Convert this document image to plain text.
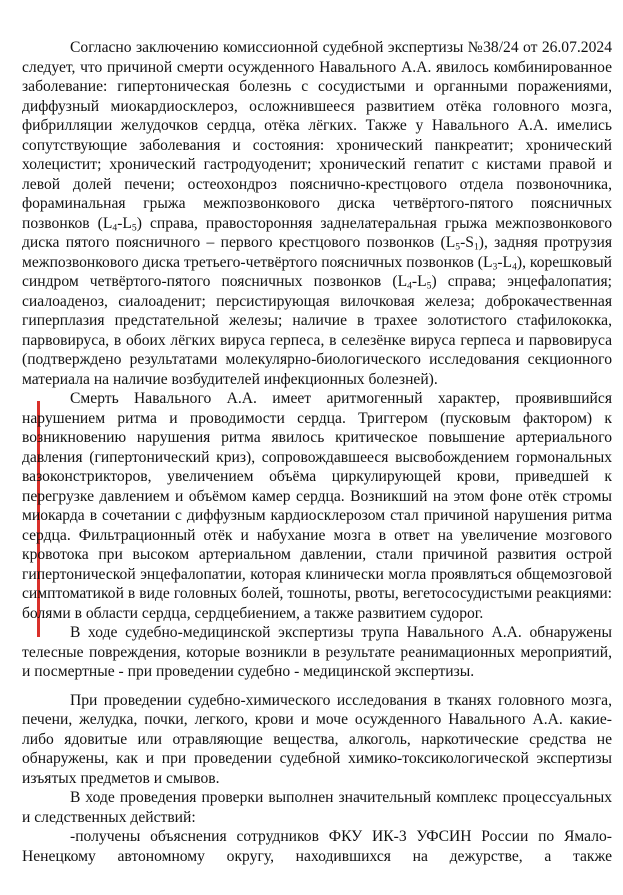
Согласно заключению комиссионной судебной экспертизы №38/24 от 26.07.2024 следует, что причиной смерти осужденного Навального А.А. явилось комбинированное заболевание: гипертоническая болезнь с сосудистыми и органными поражениями, диффузный миокардиосклероз, осложнившееся развитием отёка головного мозга, фибрилляции желудочков сердца, отёка лёгких. Также у Навального А.А. имелись сопутствующие заболевания и состояния: хронический панкреатит; хронический холецистит; хронический гастродуоденит; хронический гепатит с кистами правой и левой долей печени; остеохондроз пояснично-крестцового отдела позвоночника, фораминальная грыжа межпозвонкового диска четвёртого-пятого поясничных позвонков $(L_4-L_5)$ справа, правосторонняя заднелатеральная грыжа межпозвонкового диска пятого поясничного – первого крестцового позвонков $(L_5-S_1)$, задняя протрузия межпозвонкового диска третьего-четвёртого поясничных позвонков $(L_3-L_4)$, корешковый синдром четвёртого-пятого поясничных позвонков $(L_4-L_5)$ справа; энцефалопатия; сиалоаденоз, сиалоаденит; персистирующая вилочковая железа; доброкачественная гиперплазия предстательной железы; наличие в трахее золотистого стафилококка, парвовируса, в обоих лёгких вируса герпеса, в селезёнке вируса герпеса и парвовируса (подтверждено результатами молекулярно-биологического исследования секционного материала на наличие возбудителей инфекционных болезней).

Смерть Навального А.А. имеет аритмогенный характер, проявившийся нарушением ритма и проводимости сердца. Триггером (пусковым фактором) к возникновению нарушения ритма явилось критическое повышение артериального давления (гипертонический криз), сопровождавшееся высвобождением гормональных вазоконстрикторов, увеличением объёма циркулирующей крови, приведшей к перегрузке давлением и объёмом камер сердца. Возникший на этом фоне отёк стромы миокарда в сочетании с диффузным кардиосклерозом стал причиной нарушения ритма сердца. Фильтрационный отёк и набухание мозга в ответ на увеличение мозгового кровотока при высоком артериальном давлении, стали причиной развития острой гипертонической энцефалопатии, которая клинически могла проявляться общемозговой симптоматикой в виде головных болей, тошноты, рвоты, вегетососудистыми реакциями: болями в области сердца, сердцебиением, а также развитием судорог.

В ходе судебно-медицинской экспертизы трупа Навального А.А. обнаружены телесные повреждения, которые возникли в результате реанимационных мероприятий, и посмертные - при проведении судебно - медицинской экспертизы.

При проведении судебно-химического исследования в тканях головного мозга, печени, желудка, почки, легкого, крови и моче осужденного Навального А.А. какие-либо ядовитые или отравляющие вещества, алкоголь, наркотические средства не обнаружены, как и при проведении судебной химико-токсикологической экспертизы изъятых предметов и смывов.

В ходе проведения проверки выполнен значительный комплекс процессуальных и следственных действий:

-получены объяснения сотрудников ФКУ ИК-3 УФСИН России по Ямало-Ненецкому автономному округу, находившихся на дежурстве, а также
